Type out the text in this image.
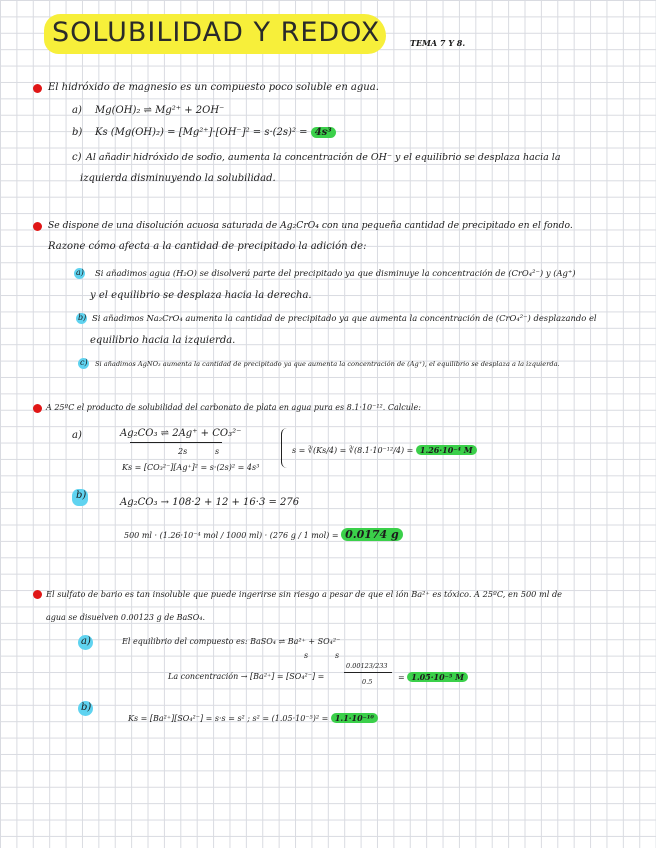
SOLUBILIDAD Y REDOX	TEMA 7 Y 8.
El hidróxido de magnesio es un compuesto poco soluble en agua.
a) Mg(OH)₂ ⇌ Mg²⁺ + 2OH⁻
b) Ks (Mg(OH)₂) = [Mg²⁺]·[OH⁻]² = s·(2s)² = 4s³
c) Al añadir hidróxido de sodio, aumenta la concentración de OH⁻ y el equilibrio se desplaza hacia la
izquierda disminuyendo la solubilidad.
Se dispone de una disolución acuosa saturada de Ag₂CrO₄ con una pequeña cantidad de precipitado en el fondo.
Razone cómo afecta a la cantidad de precipitado la adición de:
a) Si añadimos agua (H₂O) se disolverá parte del precipitado ya que disminuye la concentración de (CrO₄²⁻) y (Ag⁺)
y el equilibrio se desplaza hacia la derecha.
b) Si añadimos Na₂CrO₄ aumenta la cantidad de precipitado ya que aumenta la concentración de (CrO₄²⁻) desplazando el
equilibrio hacia la izquierda.
c) Si añadimos AgNO₃ aumenta la cantidad de precipitado ya que aumenta la concentración de (Ag⁺), el equilibrio se desplaza a la izquierda.
A 25ºC el producto de solubilidad del carbonato de plata en agua pura es 8.1·10⁻¹². Calcule:
a)	Ag₂CO₃ ⇌ 2Ag⁺ + CO₃²⁻
2s	s
Ks = [CO₃²⁻][Ag⁺]² = s·(2s)² = 4s³
s = ∛(Ks/4) = ∛(8.1·10⁻¹²/4) = 1.26·10⁻⁴ M
b)
Ag₂CO₃ → 108·2 + 12 + 16·3 = 276
500 ml · (1.26·10⁻⁴ mol / 1000 ml) · (276 g / 1 mol) = 0.0174 g
El sulfato de bario es tan insoluble que puede ingerirse sin riesgo a pesar de que el ión Ba²⁺ es tóxico. A 25ºC, en 500 ml de
agua se disuelven 0.00123 g de BaSO₄.
a)	El equilibrio del compuesto es: BaSO₄ ⇌ Ba²⁺ + SO₄²⁻
s	s
La concentración → [Ba²⁺] = [SO₄²⁻] =
0.00123/233
0.5	= 1.05·10⁻⁵ M
b)
Ks = [Ba²⁺][SO₄²⁻] = s·s = s² ; s² = (1.05·10⁻⁵)² = 1.1·10⁻¹⁰
